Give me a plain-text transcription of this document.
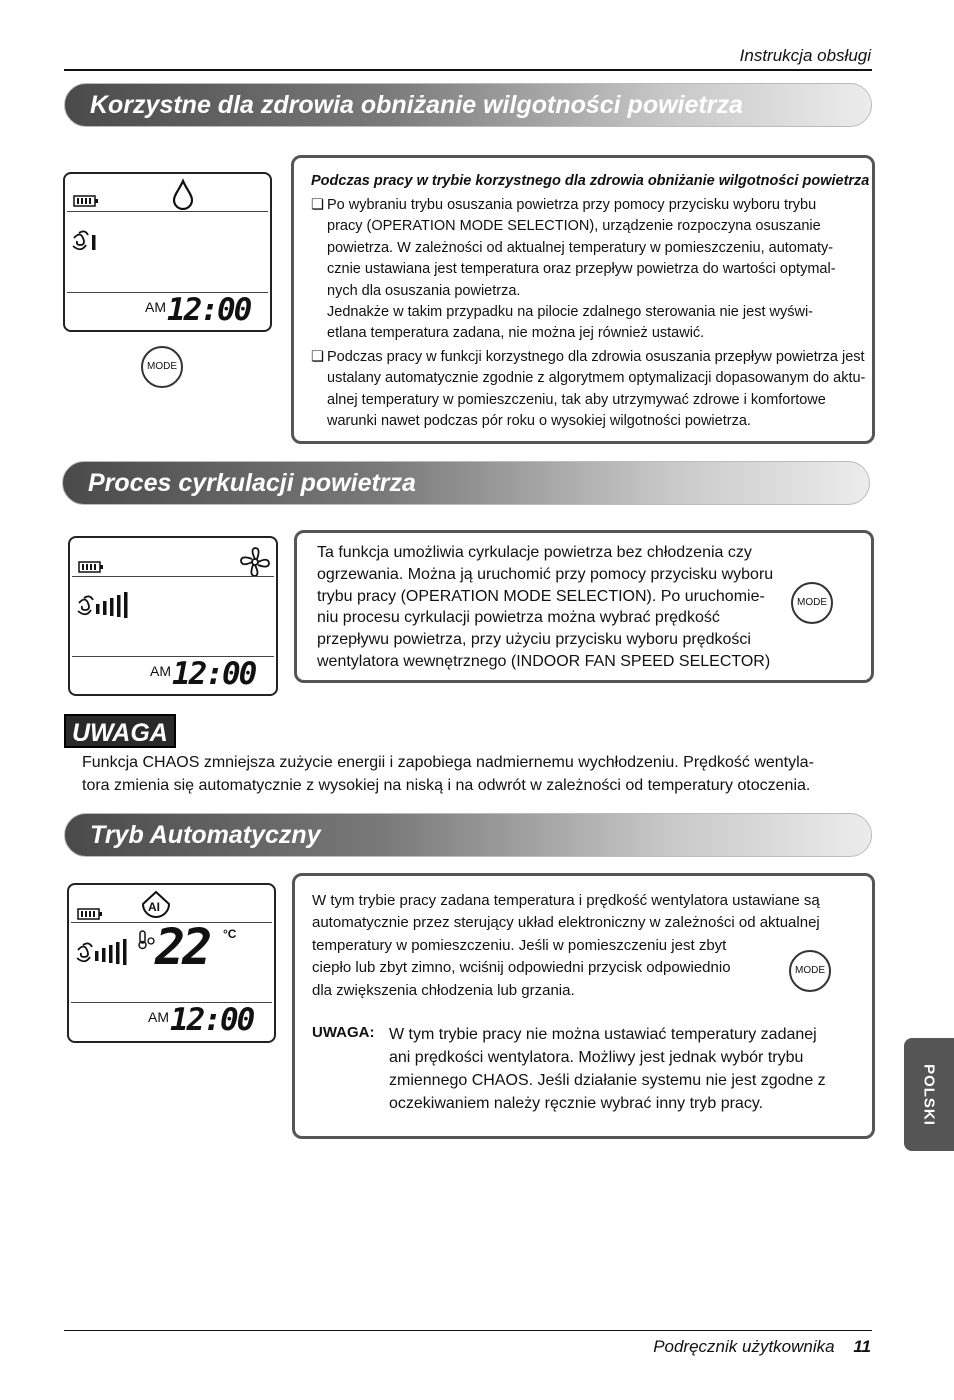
Instrukcja obsługi
Korzystne dla zdrowia obniżanie wilgotności powietrza
AM 12:00
MODE
Podczas pracy w trybie korzystnego dla zdrowia obniżanie wilgotności powietrza
❏ Po wybraniu trybu osuszania powietrza przy pomocy przycisku wyboru trybu
pracy (OPERATION MODE SELECTION), urządzenie rozpoczyna osuszanie
powietrza. W zależności od aktualnej temperatury w pomieszczeniu, automaty-
cznie ustawiana jest temperatura oraz przepływ powietrza do wartości optymal-
nych dla osuszania powietrza.
Jednakże w takim przypadku na pilocie zdalnego sterowania nie jest wyświ-
etlana temperatura zadana, nie można jej również ustawić.
❏ Podczas pracy w funkcji korzystnego dla zdrowia osuszania przepływ powietrza jest
ustalany automatycznie zgodnie z algorytmem optymalizacji dopasowanym do aktu-
alnej temperatury w pomieszczeniu, tak aby utrzymywać zdrowe i komfortowe
warunki nawet podczas pór roku o wysokiej wilgotności powietrza.
Proces cyrkulacji powietrza
AM 12:00
Ta funkcja umożliwia cyrkulacje powietrza bez chłodzenia czy
ogrzewania. Można ją uruchomić przy pomocy przycisku wyboru
trybu pracy (OPERATION MODE SELECTION). Po uruchomie-
niu procesu cyrkulacji powietrza można wybrać prędkość
przepływu powietrza, przy użyciu przycisku wyboru prędkości
wentylatora wewnętrznego (INDOOR FAN SPEED SELECTOR)
MODE
UWAGA
Funkcja CHAOS zmniejsza zużycie energii i zapobiega nadmiernemu wychłodzeniu. Prędkość wentyla-
tora zmienia się automatycznie z wysokiej na niską i na odwrót w zależności od temperatury otoczenia.
Tryb Automatyczny
AI
22 °C
AM 12:00
W tym trybie pracy zadana temperatura i prędkość wentylatora ustawiane są
automatycznie przez sterujący układ elektroniczny w zależności od aktualnej
temperatury w pomieszczeniu. Jeśli w pomieszczeniu jest zbyt
ciepło lub zbyt zimno, wciśnij odpowiedni przycisk odpowiednio
dla zwiększenia chłodzenia lub grzania.
MODE
UWAGA: W tym trybie pracy nie można ustawiać temperatury zadanej
ani prędkości wentylatora. Możliwy jest jednak wybór trybu
zmiennego CHAOS. Jeśli działanie systemu nie jest zgodne z
oczekiwaniem należy ręcznie wybrać inny tryb pracy.	POLSKI
Podręcznik użytkownika 11
